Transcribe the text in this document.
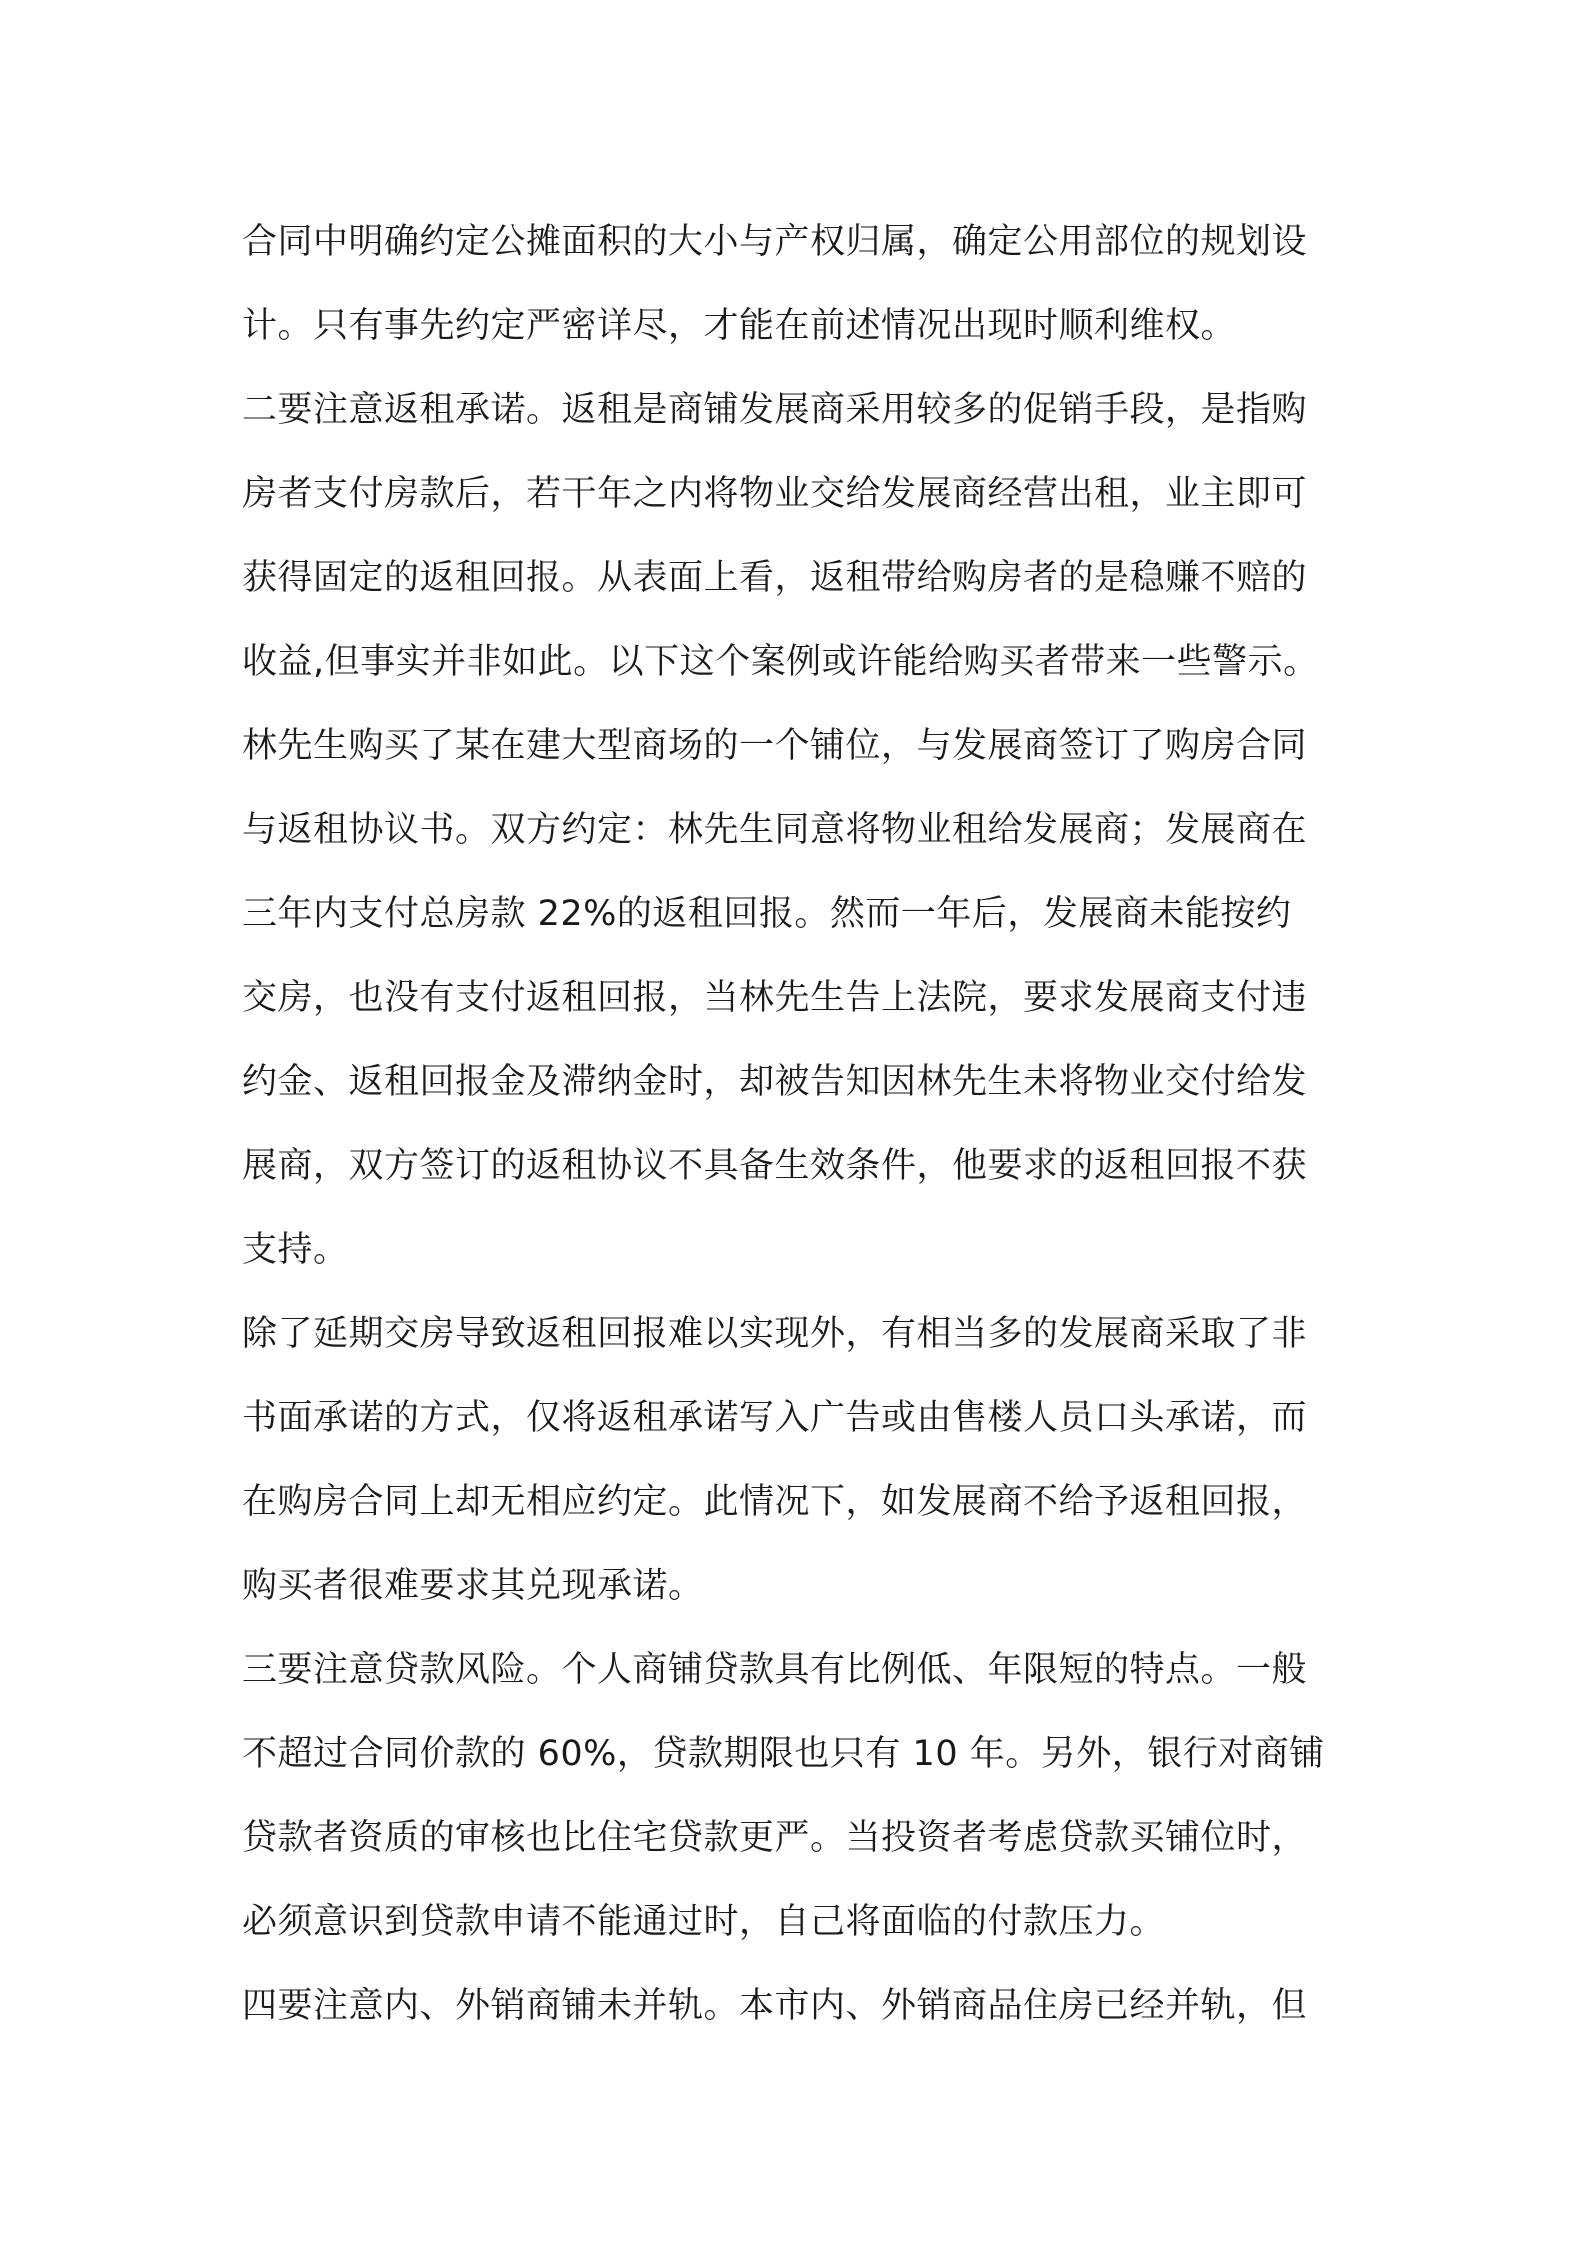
合同中明确约定公摊面积的大小与产权归属，确定公用部位的规划设
计。只有事先约定严密详尽，才能在前述情况出现时顺利维权。
二要注意返租承诺。返租是商铺发展商采用较多的促销手段，是指购
房者支付房款后，若干年之内将物业交给发展商经营出租，业主即可
获得固定的返租回报。从表面上看，返租带给购房者的是稳赚不赔的
收益,但事实并非如此。以下这个案例或许能给购买者带来一些警示。
林先生购买了某在建大型商场的一个铺位，与发展商签订了购房合同
与返租协议书。双方约定：林先生同意将物业租给发展商；发展商在
三年内支付总房款 22%的返租回报。然而一年后，发展商未能按约
交房，也没有支付返租回报，当林先生告上法院，要求发展商支付违
约金、返租回报金及滞纳金时，却被告知因林先生未将物业交付给发
展商，双方签订的返租协议不具备生效条件，他要求的返租回报不获
支持。
除了延期交房导致返租回报难以实现外，有相当多的发展商采取了非
书面承诺的方式，仅将返租承诺写入广告或由售楼人员口头承诺，而
在购房合同上却无相应约定。此情况下，如发展商不给予返租回报，
购买者很难要求其兑现承诺。
三要注意贷款风险。个人商铺贷款具有比例低、年限短的特点。一般
不超过合同价款的 60%，贷款期限也只有 10 年。另外，银行对商铺
贷款者资质的审核也比住宅贷款更严。当投资者考虑贷款买铺位时，
必须意识到贷款申请不能通过时，自己将面临的付款压力。
四要注意内、外销商铺未并轨。本市内、外销商品住房已经并轨，但
